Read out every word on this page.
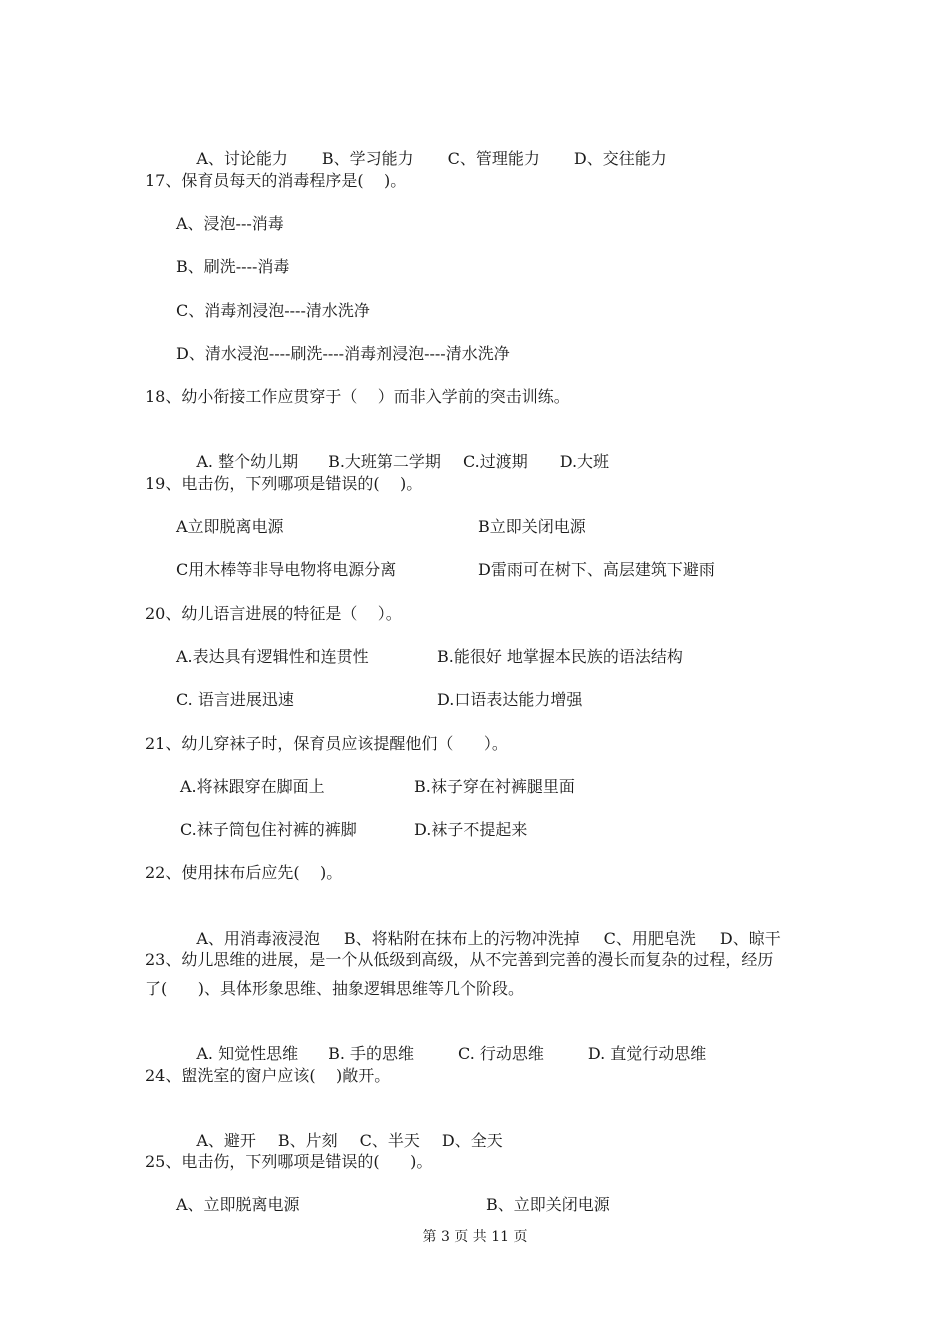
A、讨论能力 B、学习能力 C、管理能力 D、交往能力

17、保育员每天的消毒程序是(    )。
A、浸泡---消毒
B、刷洗----消毒
C、消毒剂浸泡----清水洗净
D、清水浸泡----刷洗----消毒剂浸泡----清水洗净
18、幼小衔接工作应贯穿于（    ）而非入学前的突击训练。

A. 整个幼儿期 B.大班第二学期 C.过渡期 D.大班

19、电击伤，下列哪项是错误的(    )。
A立即脱离电源	B立即关闭电源
C用木棒等非导电物将电源分离	D雷雨可在树下、高层建筑下避雨
20、幼儿语言进展的特征是（    ）。
A.表达具有逻辑性和连贯性	B.能很好 地掌握本民族的语法结构
C. 语言进展迅速	D.口语表达能力增强
21、幼儿穿袜子时，保育员应该提醒他们（      ）。
A.将袜跟穿在脚面上	B.袜子穿在衬裤腿里面
C.袜子筒包住衬裤的裤脚	D.袜子不提起来
22、使用抹布后应先(    )。

A、用消毒液浸泡 B、将粘附在抹布上的污物冲洗掉 C、用肥皂洗 D、晾干

23、幼儿思维的进展，是一个从低级到高级，从不完善到完善的漫长而复杂的过程，经历
了(      )、具体形象思维、抽象逻辑思维等几个阶段。

A. 知觉性思维 B. 手的思维	C. 行动思维	D. 直觉行动思维

24、盥洗室的窗户应该(    )敞开。

A、避开 B、片刻 C、半天 D、全天

25、电击伤，下列哪项是错误的(      )。
A、立即脱离电源	B、立即关闭电源
第 3 页 共 11 页
